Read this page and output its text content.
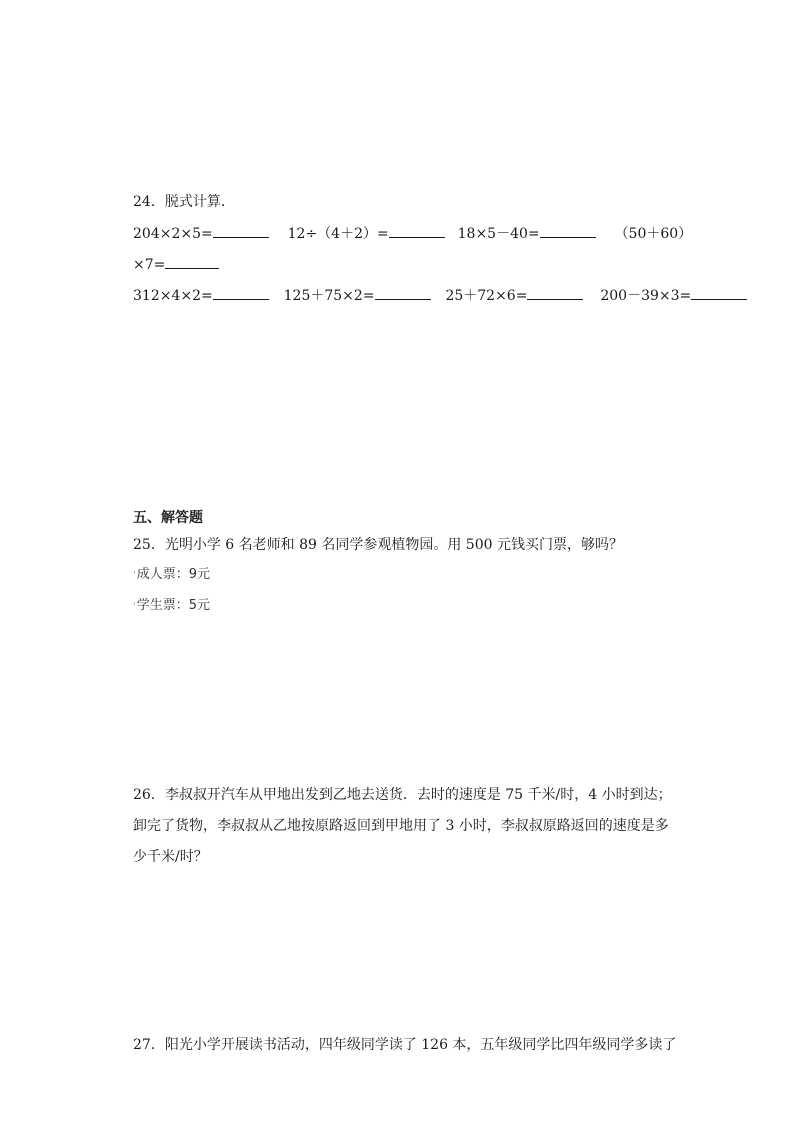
24．脱式计算．
204×2×5=	12÷（4＋2）=	18×5－40=	（50＋60）
×7=
312×4×2=	125＋75×2=	25＋72×6=	200－39×3=
五、解答题
25．光明小学 6 名老师和 89 名同学参观植物园。用 500 元钱买门票，够吗？
'成人票：9元
'学生票：5元
26．李叔叔开汽车从甲地出发到乙地去送货．去时的速度是 75 千米/时，4 小时到达；
卸完了货物，李叔叔从乙地按原路返回到甲地用了 3 小时，李叔叔原路返回的速度是多
少千米/时？
27．阳光小学开展读书活动，四年级同学读了 126 本，五年级同学比四年级同学多读了
